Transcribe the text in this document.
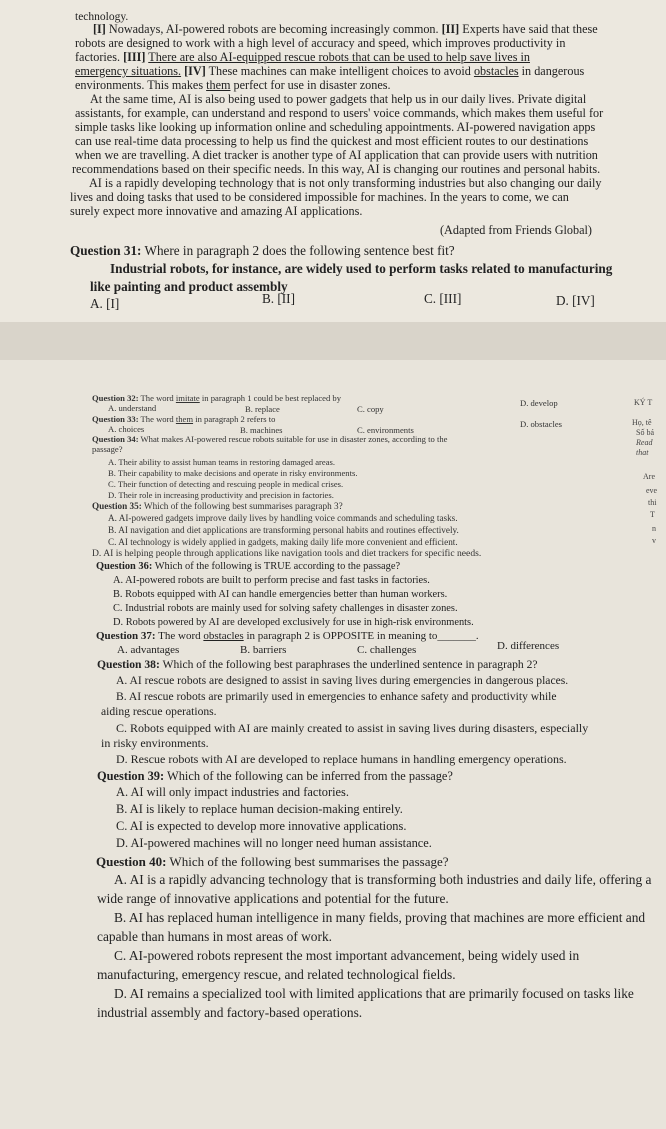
technology.
[I] Nowadays, AI-powered robots are becoming increasingly common. [II] Experts have said that these
robots are designed to work with a high level of accuracy and speed, which improves productivity in
factories. [III] There are also AI-equipped rescue robots that can be used to help save lives in
emergency situations. [IV] These machines can make intelligent choices to avoid obstacles in dangerous
environments. This makes them perfect for use in disaster zones.
At the same time, AI is also being used to power gadgets that help us in our daily lives. Private digital
assistants, for example, can understand and respond to users' voice commands, which makes them useful for
simple tasks like looking up information online and scheduling appointments. AI-powered navigation apps
can use real-time data processing to help us find the quickest and most efficient routes to our destinations
when we are travelling. A diet tracker is another type of AI application that can provide users with nutrition
recommendations based on their specific needs. In this way, AI is changing our routines and personal habits.
AI is a rapidly developing technology that is not only transforming industries but also changing our daily
lives and doing tasks that used to be considered impossible for machines. In the years to come, we can
surely expect more innovative and amazing AI applications.
(Adapted from Friends Global)
Question 31: Where in paragraph 2 does the following sentence best fit?
Industrial robots, for instance, are widely used to perform tasks related to manufacturing
like painting and product assembly
A. [I]	B. [II]	C. [III]	D. [IV]
Question 32: The word imitate in paragraph 1 could be best replaced by
A. understand	B. replace	C. copy
D. develop
Question 33: The word them in paragraph 2 refers to
A. choices	B. machines	C. environments
D. obstacles
Question 34: What makes AI-powered rescue robots suitable for use in disaster zones, according to the
passage?
A. Their ability to assist human teams in restoring damaged areas.
B. Their capability to make decisions and operate in risky environments.
C. Their function of detecting and rescuing people in medical crises.
D. Their role in increasing productivity and precision in factories.
Question 35: Which of the following best summarises paragraph 3?
A. AI-powered gadgets improve daily lives by handling voice commands and scheduling tasks.
B. AI navigation and diet applications are transforming personal habits and routines effectively.
C. AI technology is widely applied in gadgets, making daily life more convenient and efficient.
D. AI is helping people through applications like navigation tools and diet trackers for specific needs.
Question 36: Which of the following is TRUE according to the passage?
A. AI-powered robots are built to perform precise and fast tasks in factories.
B. Robots equipped with AI can handle emergencies better than human workers.
C. Industrial robots are mainly used for solving safety challenges in disaster zones.
D. Robots powered by AI are developed exclusively for use in high-risk environments.
Question 37: The word obstacles in paragraph 2 is OPPOSITE in meaning to_______.
A. advantages	B. barriers	C. challenges	D. differences
Question 38: Which of the following best paraphrases the underlined sentence in paragraph 2?
A. AI rescue robots are designed to assist in saving lives during emergencies in dangerous places.
B. AI rescue robots are primarily used in emergencies to enhance safety and productivity while
aiding rescue operations.
C. Robots equipped with AI are mainly created to assist in saving lives during disasters, especially
in risky environments.
D. Rescue robots with AI are developed to replace humans in handling emergency operations.
Question 39: Which of the following can be inferred from the passage?
A. AI will only impact industries and factories.
B. AI is likely to replace human decision-making entirely.
C. AI is expected to develop more innovative applications.
D. AI-powered machines will no longer need human assistance.
Question 40: Which of the following best summarises the passage?
A. AI is a rapidly advancing technology that is transforming both industries and daily life, offering a
wide range of innovative applications and potential for the future.
B. AI has replaced human intelligence in many fields, proving that machines are more efficient and
capable than humans in most areas of work.
C. AI-powered robots represent the most important advancement, being widely used in
manufacturing, emergency rescue, and related technological fields.
D. AI remains a specialized tool with limited applications that are primarily focused on tasks like
industrial assembly and factory-based operations.
KÝ T
Họ, tê
Số bá
Read
that
Are
eve
thi
T
n
v
